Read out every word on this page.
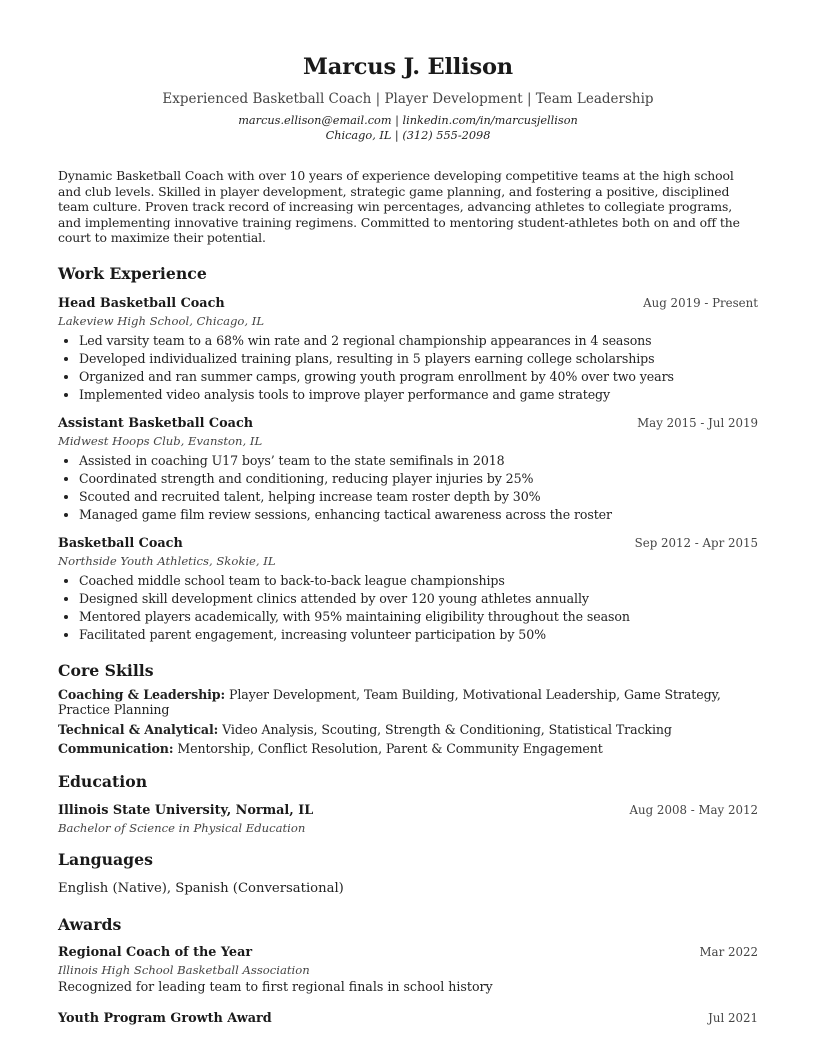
Marcus J. Ellison
Experienced Basketball Coach | Player Development | Team Leadership
marcus.ellison@email.com | linkedin.com/in/marcusjellison
Chicago, IL | (312) 555-2098
Dynamic Basketball Coach with over 10 years of experience developing competitive teams at the high school and club levels. Skilled in player development, strategic game planning, and fostering a positive, disciplined team culture. Proven track record of increasing win percentages, advancing athletes to collegiate programs, and implementing innovative training regimens. Committed to mentoring student-athletes both on and off the court to maximize their potential.
Work Experience
Head Basketball Coach	Aug 2019 - Present
Lakeview High School, Chicago, IL
• Led varsity team to a 68% win rate and 2 regional championship appearances in 4 seasons
• Developed individualized training plans, resulting in 5 players earning college scholarships
• Organized and ran summer camps, growing youth program enrollment by 40% over two years
• Implemented video analysis tools to improve player performance and game strategy
Assistant Basketball Coach	May 2015 - Jul 2019
Midwest Hoops Club, Evanston, IL
• Assisted in coaching U17 boys’ team to the state semifinals in 2018
• Coordinated strength and conditioning, reducing player injuries by 25%
• Scouted and recruited talent, helping increase team roster depth by 30%
• Managed game film review sessions, enhancing tactical awareness across the roster
Basketball Coach	Sep 2012 - Apr 2015
Northside Youth Athletics, Skokie, IL
• Coached middle school team to back-to-back league championships
• Designed skill development clinics attended by over 120 young athletes annually
• Mentored players academically, with 95% maintaining eligibility throughout the season
• Facilitated parent engagement, increasing volunteer participation by 50%
Core Skills
Coaching & Leadership: Player Development, Team Building, Motivational Leadership, Game Strategy, Practice Planning
Technical & Analytical: Video Analysis, Scouting, Strength & Conditioning, Statistical Tracking
Communication: Mentorship, Conflict Resolution, Parent & Community Engagement
Education
Illinois State University, Normal, IL	Aug 2008 - May 2012
Bachelor of Science in Physical Education
Languages
English (Native), Spanish (Conversational)
Awards
Regional Coach of the Year	Mar 2022
Illinois High School Basketball Association
Recognized for leading team to first regional finals in school history
Youth Program Growth Award	Jul 2021
